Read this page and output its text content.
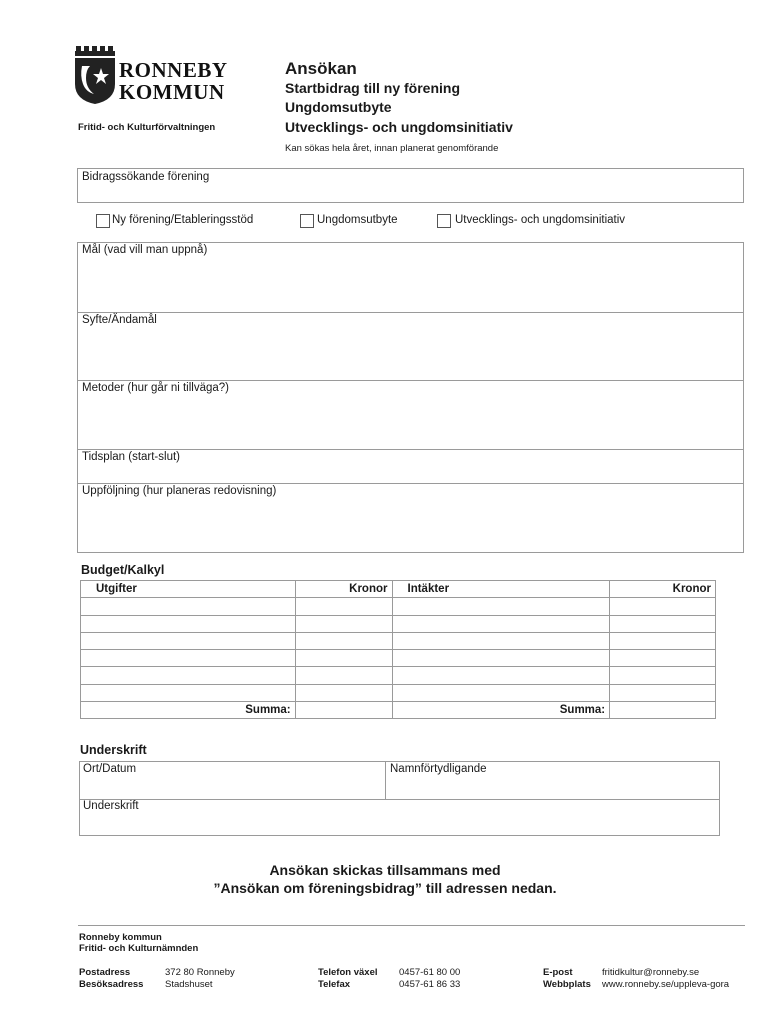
RONNEBY
KOMMUN
Fritid- och Kulturförvaltningen
Ansökan
Startbidrag till ny förening
Ungdomsutbyte
Utvecklings- och ungdomsinitiativ
Kan sökas hela året, innan planerat genomförande
Bidragssökande förening
Ny förening/Etableringsstöd	Ungdomsutbyte	Utvecklings- och ungdomsinitiativ
Mål (vad vill man uppnå)
Syfte/Ändamål
Metoder (hur går ni tillväga?)
Tidsplan (start-slut)
Uppföljning (hur planeras redovisning)
Budget/Kalkyl
Utgifter	Kronor	Intäkter	Kronor

Summa:		Summa:	
Underskrift
Ort/Datum	Namnförtydligande
Underskrift
Ansökan skickas tillsammans med
”Ansökan om föreningsbidrag” till adressen nedan.
Ronneby kommun
Fritid- och Kulturnämnden
Postadress	372 80 Ronneby
Besöksadress Stadshuset
Telefon växel 0457-61 80 00
Telefax	0457-61 86 33
E-post	fritidkultur@ronneby.se
Webbplats www.ronneby.se/uppleva-gora
